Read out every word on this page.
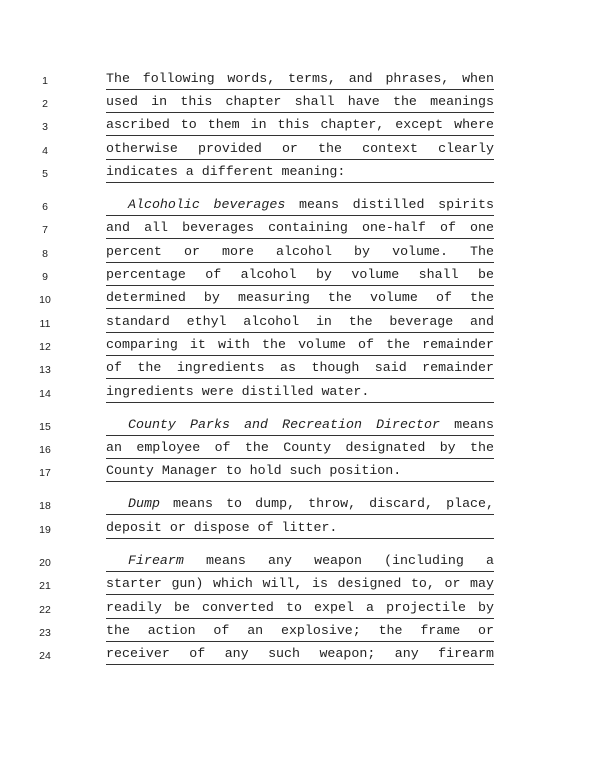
1	The following words, terms, and phrases, when
2	used in this chapter shall have the meanings
3	ascribed to them in this chapter, except where
4	otherwise provided or the context clearly
5	indicates a different meaning:
6	Alcoholic beverages means distilled spirits
7	and all beverages containing one-half of one
8	percent or more alcohol by volume. The
9	percentage of alcohol by volume shall be
10	determined by measuring the volume of the
11	standard ethyl alcohol in the beverage and
12	comparing it with the volume of the remainder
13	of the ingredients as though said remainder
14	ingredients were distilled water.
15	County Parks and Recreation Director means
16	an employee of the County designated by the
17	County Manager to hold such position.
18	Dump means to dump, throw, discard, place,
19	deposit or dispose of litter.
20	Firearm means any weapon (including a
21	starter gun) which will, is designed to, or may
22	readily be converted to expel a projectile by
23	the action of an explosive; the frame or
24	receiver of any such weapon; any firearm
